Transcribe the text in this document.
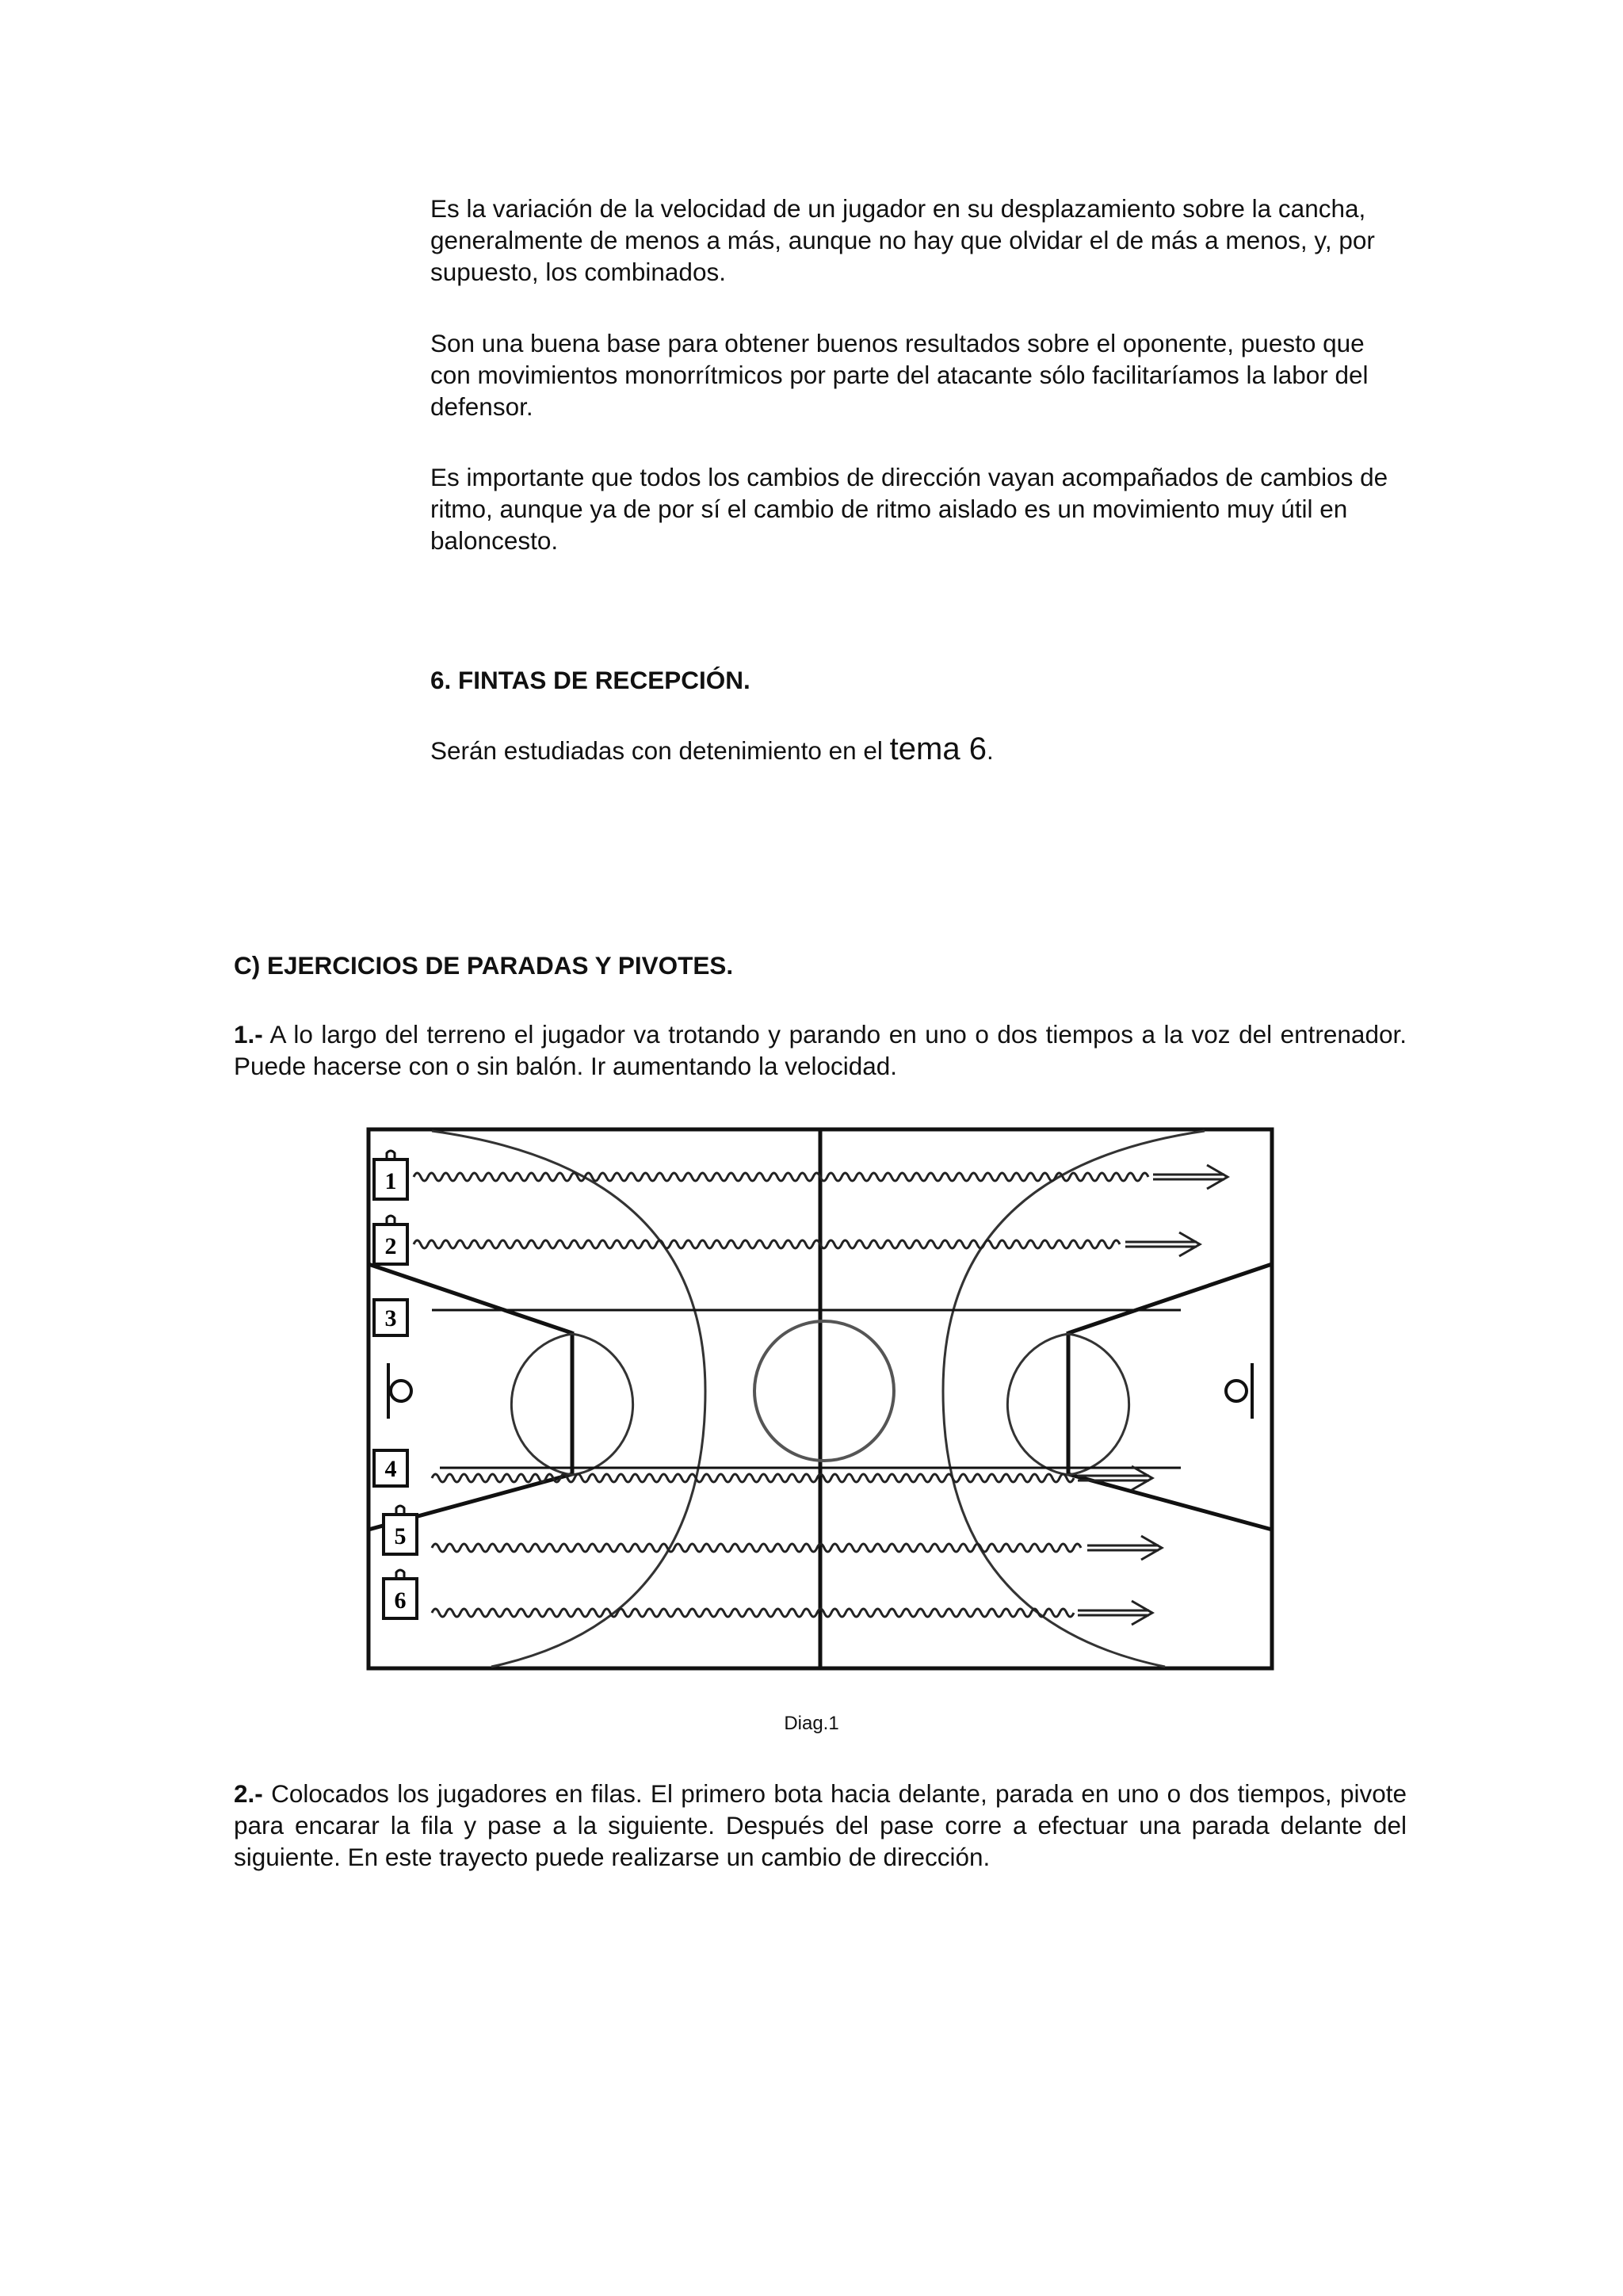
Es la variación de la velocidad de un jugador en su desplazamiento sobre la cancha, generalmente de menos a más, aunque no hay que olvidar el de más a menos, y, por supuesto, los combinados.

Son una buena base para obtener buenos resultados sobre el oponente, puesto que con movimientos monorrítmicos por parte del atacante sólo facilitaríamos la labor del defensor.

Es importante que todos los cambios de dirección vayan acompañados de cambios de ritmo, aunque ya de por sí el cambio de ritmo aislado es un movimiento muy útil en baloncesto.

6. FINTAS DE RECEPCIÓN.

Serán estudiadas con detenimiento en el tema 6.

C) EJERCICIOS DE PARADAS Y PIVOTES.

1.- A lo largo del terreno el jugador va trotando y parando en uno o dos tiempos a la voz del entrenador. Puede hacerse con o sin balón. Ir aumentando la velocidad.

1
2
3
4
5
6
Diag.1

2.- Colocados los jugadores en filas. El primero bota hacia delante, parada en uno o dos tiempos, pivote para encarar la fila y pase a la siguiente. Después del pase corre a efectuar una parada delante del siguiente. En este trayecto puede realizarse un cambio de dirección.
